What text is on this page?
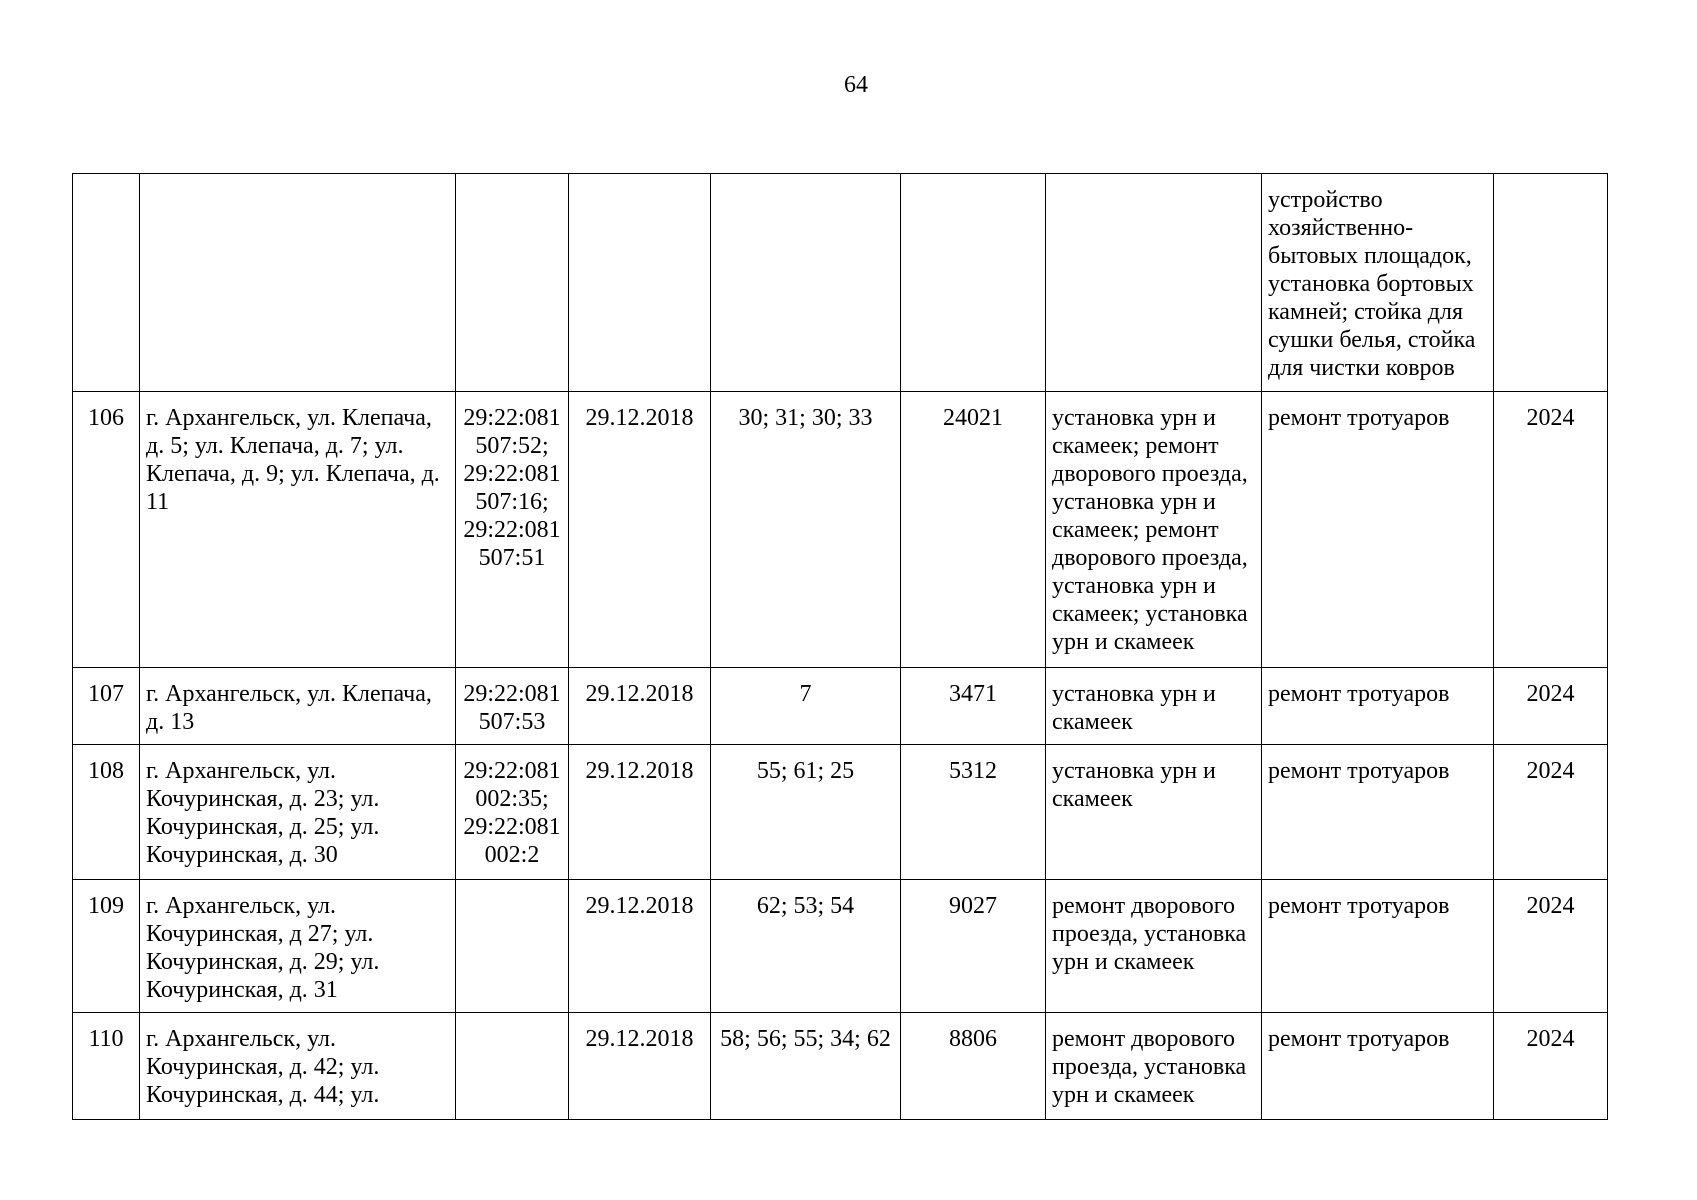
64
							устройство хозяйственно-бытовых площадок, установка бортовых камней; стойка для сушки белья, стойка для чистки ковров	
106	г. Архангельск, ул. Клепача, д. 5; ул. Клепача, д. 7; ул. Клепача, д. 9; ул. Клепача, д. 11	29:22:081507:52; 29:22:081507:16; 29:22:081507:51	29.12.2018	30; 31; 30; 33	24021	установка урн и скамеек; ремонт дворового проезда, установка урн и скамеек; ремонт дворового проезда, установка урн и скамеек; установка урн и скамеек	ремонт тротуаров	2024
107	г. Архангельск, ул. Клепача, д. 13	29:22:081507:53	29.12.2018	7	3471	установка урн и скамеек	ремонт тротуаров	2024
108	г. Архангельск, ул. Кочуринская, д. 23; ул. Кочуринская, д. 25; ул. Кочуринская, д. 30	29:22:081002:35; 29:22:081002:2	29.12.2018	55; 61; 25	5312	установка урн и скамеек	ремонт тротуаров	2024
109	г. Архангельск, ул. Кочуринская, д 27; ул. Кочуринская, д. 29; ул. Кочуринская, д. 31		29.12.2018	62; 53; 54	9027	ремонт дворового проезда, установка урн и скамеек	ремонт тротуаров	2024
110	г. Архангельск, ул. Кочуринская, д. 42; ул. Кочуринская, д. 44; ул.		29.12.2018	58; 56; 55; 34; 62	8806	ремонт дворового проезда, установка урн и скамеек	ремонт тротуаров	2024
